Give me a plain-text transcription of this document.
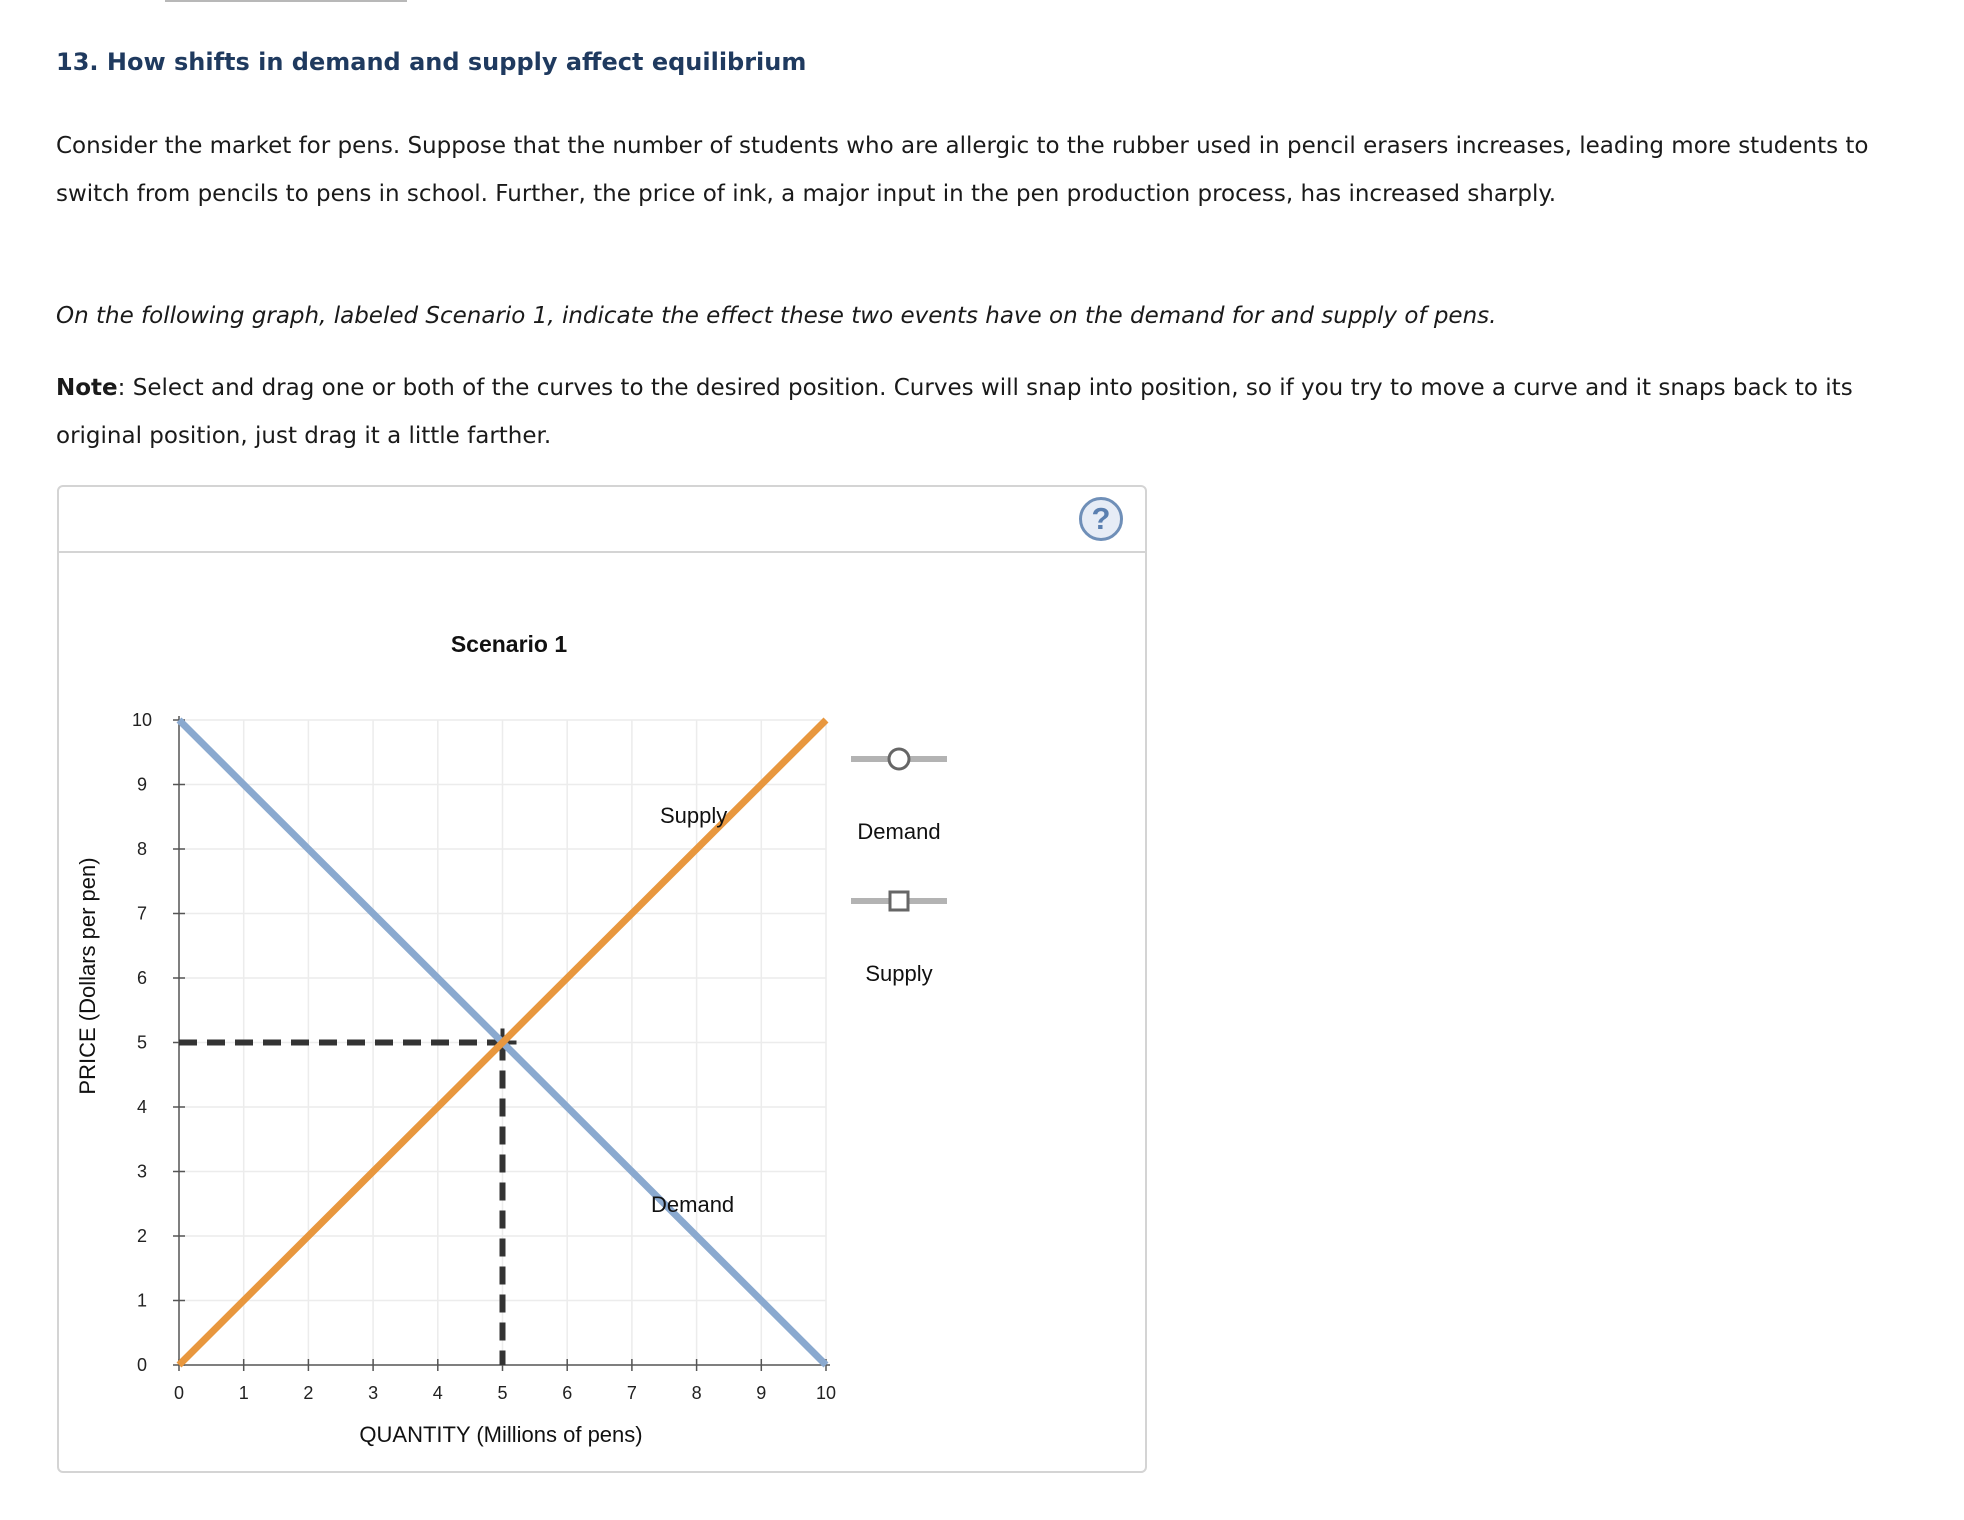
13. How shifts in demand and supply affect equilibrium

Consider the market for pens. Suppose that the number of students who are allergic to the rubber used in pencil erasers increases, leading more students to switch from pencils to pens in school. Further, the price of ink, a major input in the pen production process, has increased sharply.

On the following graph, labeled Scenario 1, indicate the effect these two events have on the demand for and supply of pens.

Note: Select and drag one or both of the curves to the desired position. Curves will snap into position, so if you try to move a curve and it snaps back to its original position, just drag it a little farther.

?
Scenario 1
0
1
2
3
4
5
6
7
8
9
10
0	1	2	3	4	5	6	7	8	9	10
Supply
Demand
QUANTITY (Millions of pens)
PRICE (Dollars per pen)
Demand
Supply
